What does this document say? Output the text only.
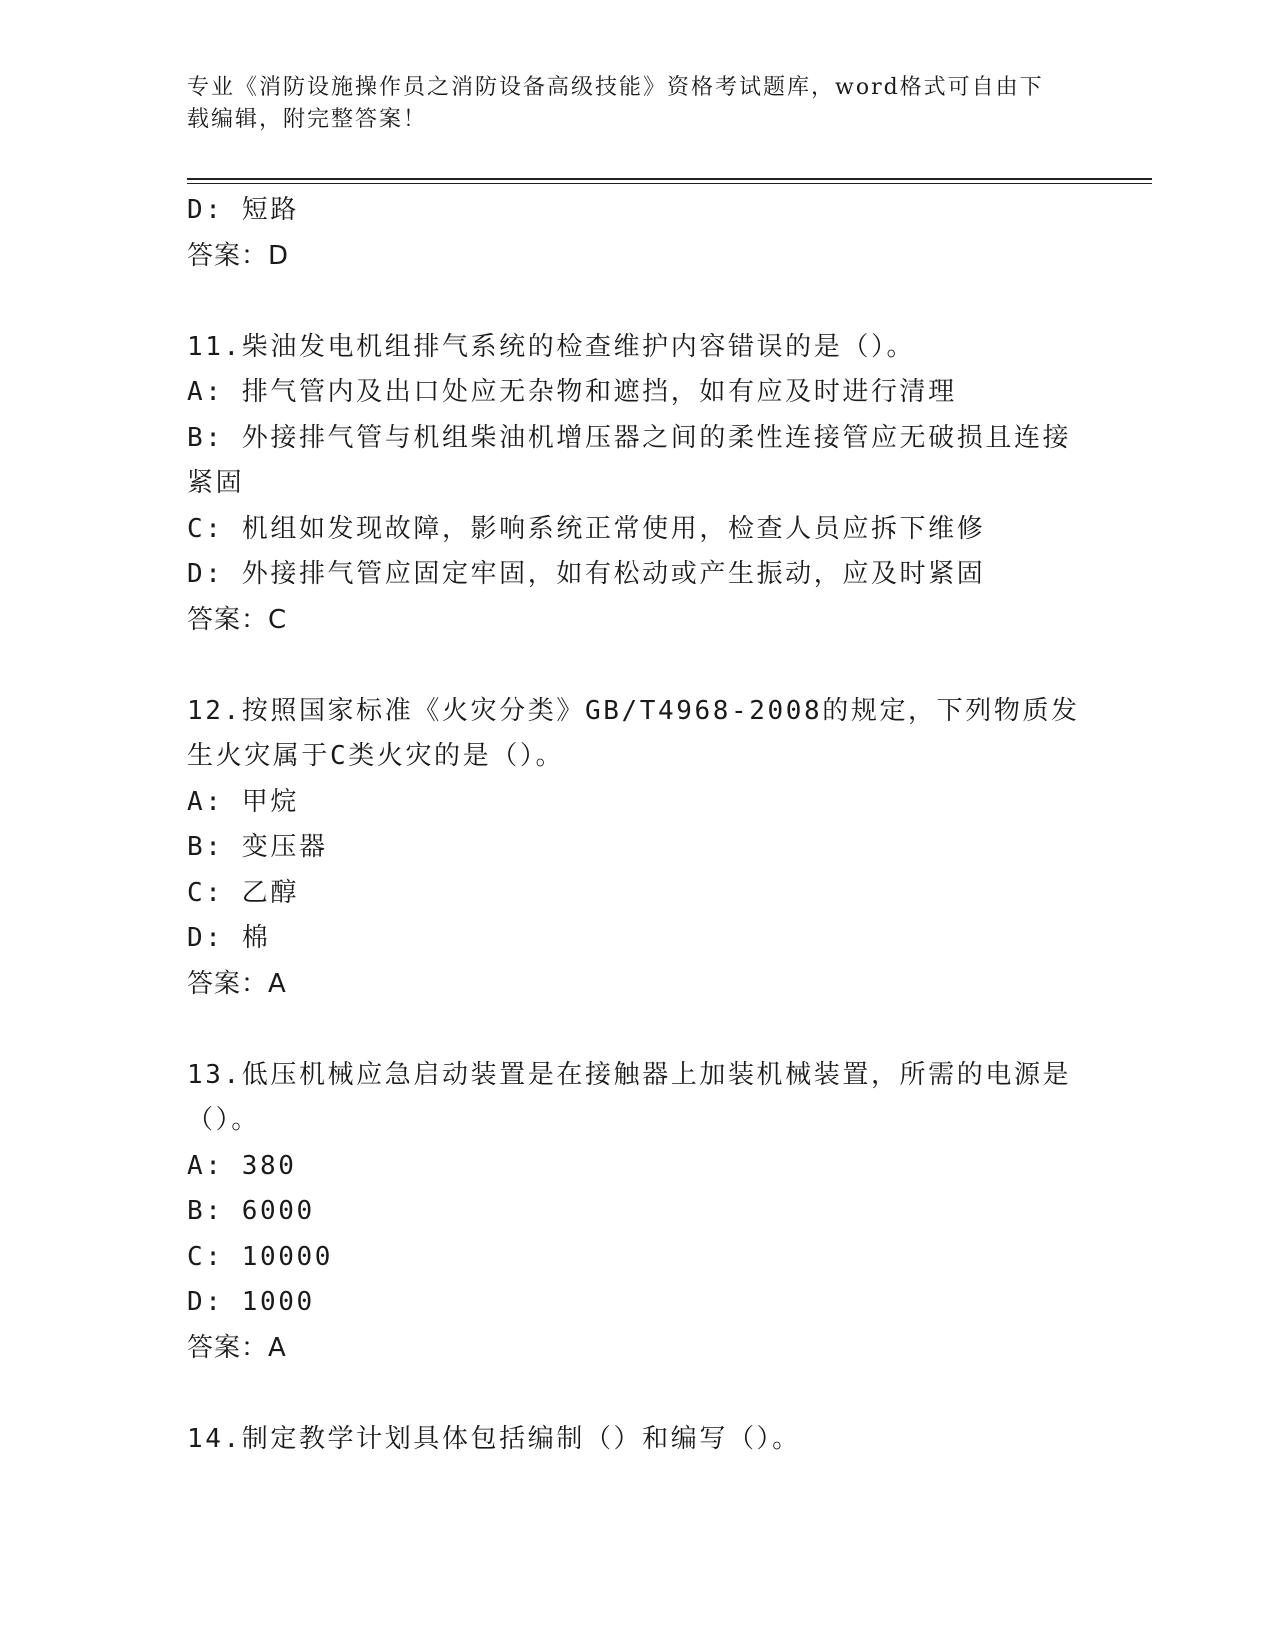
专业《消防设施操作员之消防设备高级技能》资格考试题库，word格式可自由下载编辑，附完整答案！
D: 短路
答案：D
11.柴油发电机组排气系统的检查维护内容错误的是（）。
A: 排气管内及出口处应无杂物和遮挡，如有应及时进行清理
B: 外接排气管与机组柴油机增压器之间的柔性连接管应无破损且连接紧固
C: 机组如发现故障，影响系统正常使用，检查人员应拆下维修
D: 外接排气管应固定牢固，如有松动或产生振动，应及时紧固
答案：C
12.按照国家标准《火灾分类》GB/T4968-2008的规定，下列物质发生火灾属于C类火灾的是（）。
A: 甲烷
B: 变压器
C: 乙醇
D: 棉
答案：A
13.低压机械应急启动装置是在接触器上加装机械装置，所需的电源是（）。
A: 380
B: 6000
C: 10000
D: 1000
答案：A
14.制定教学计划具体包括编制（）和编写（）。
